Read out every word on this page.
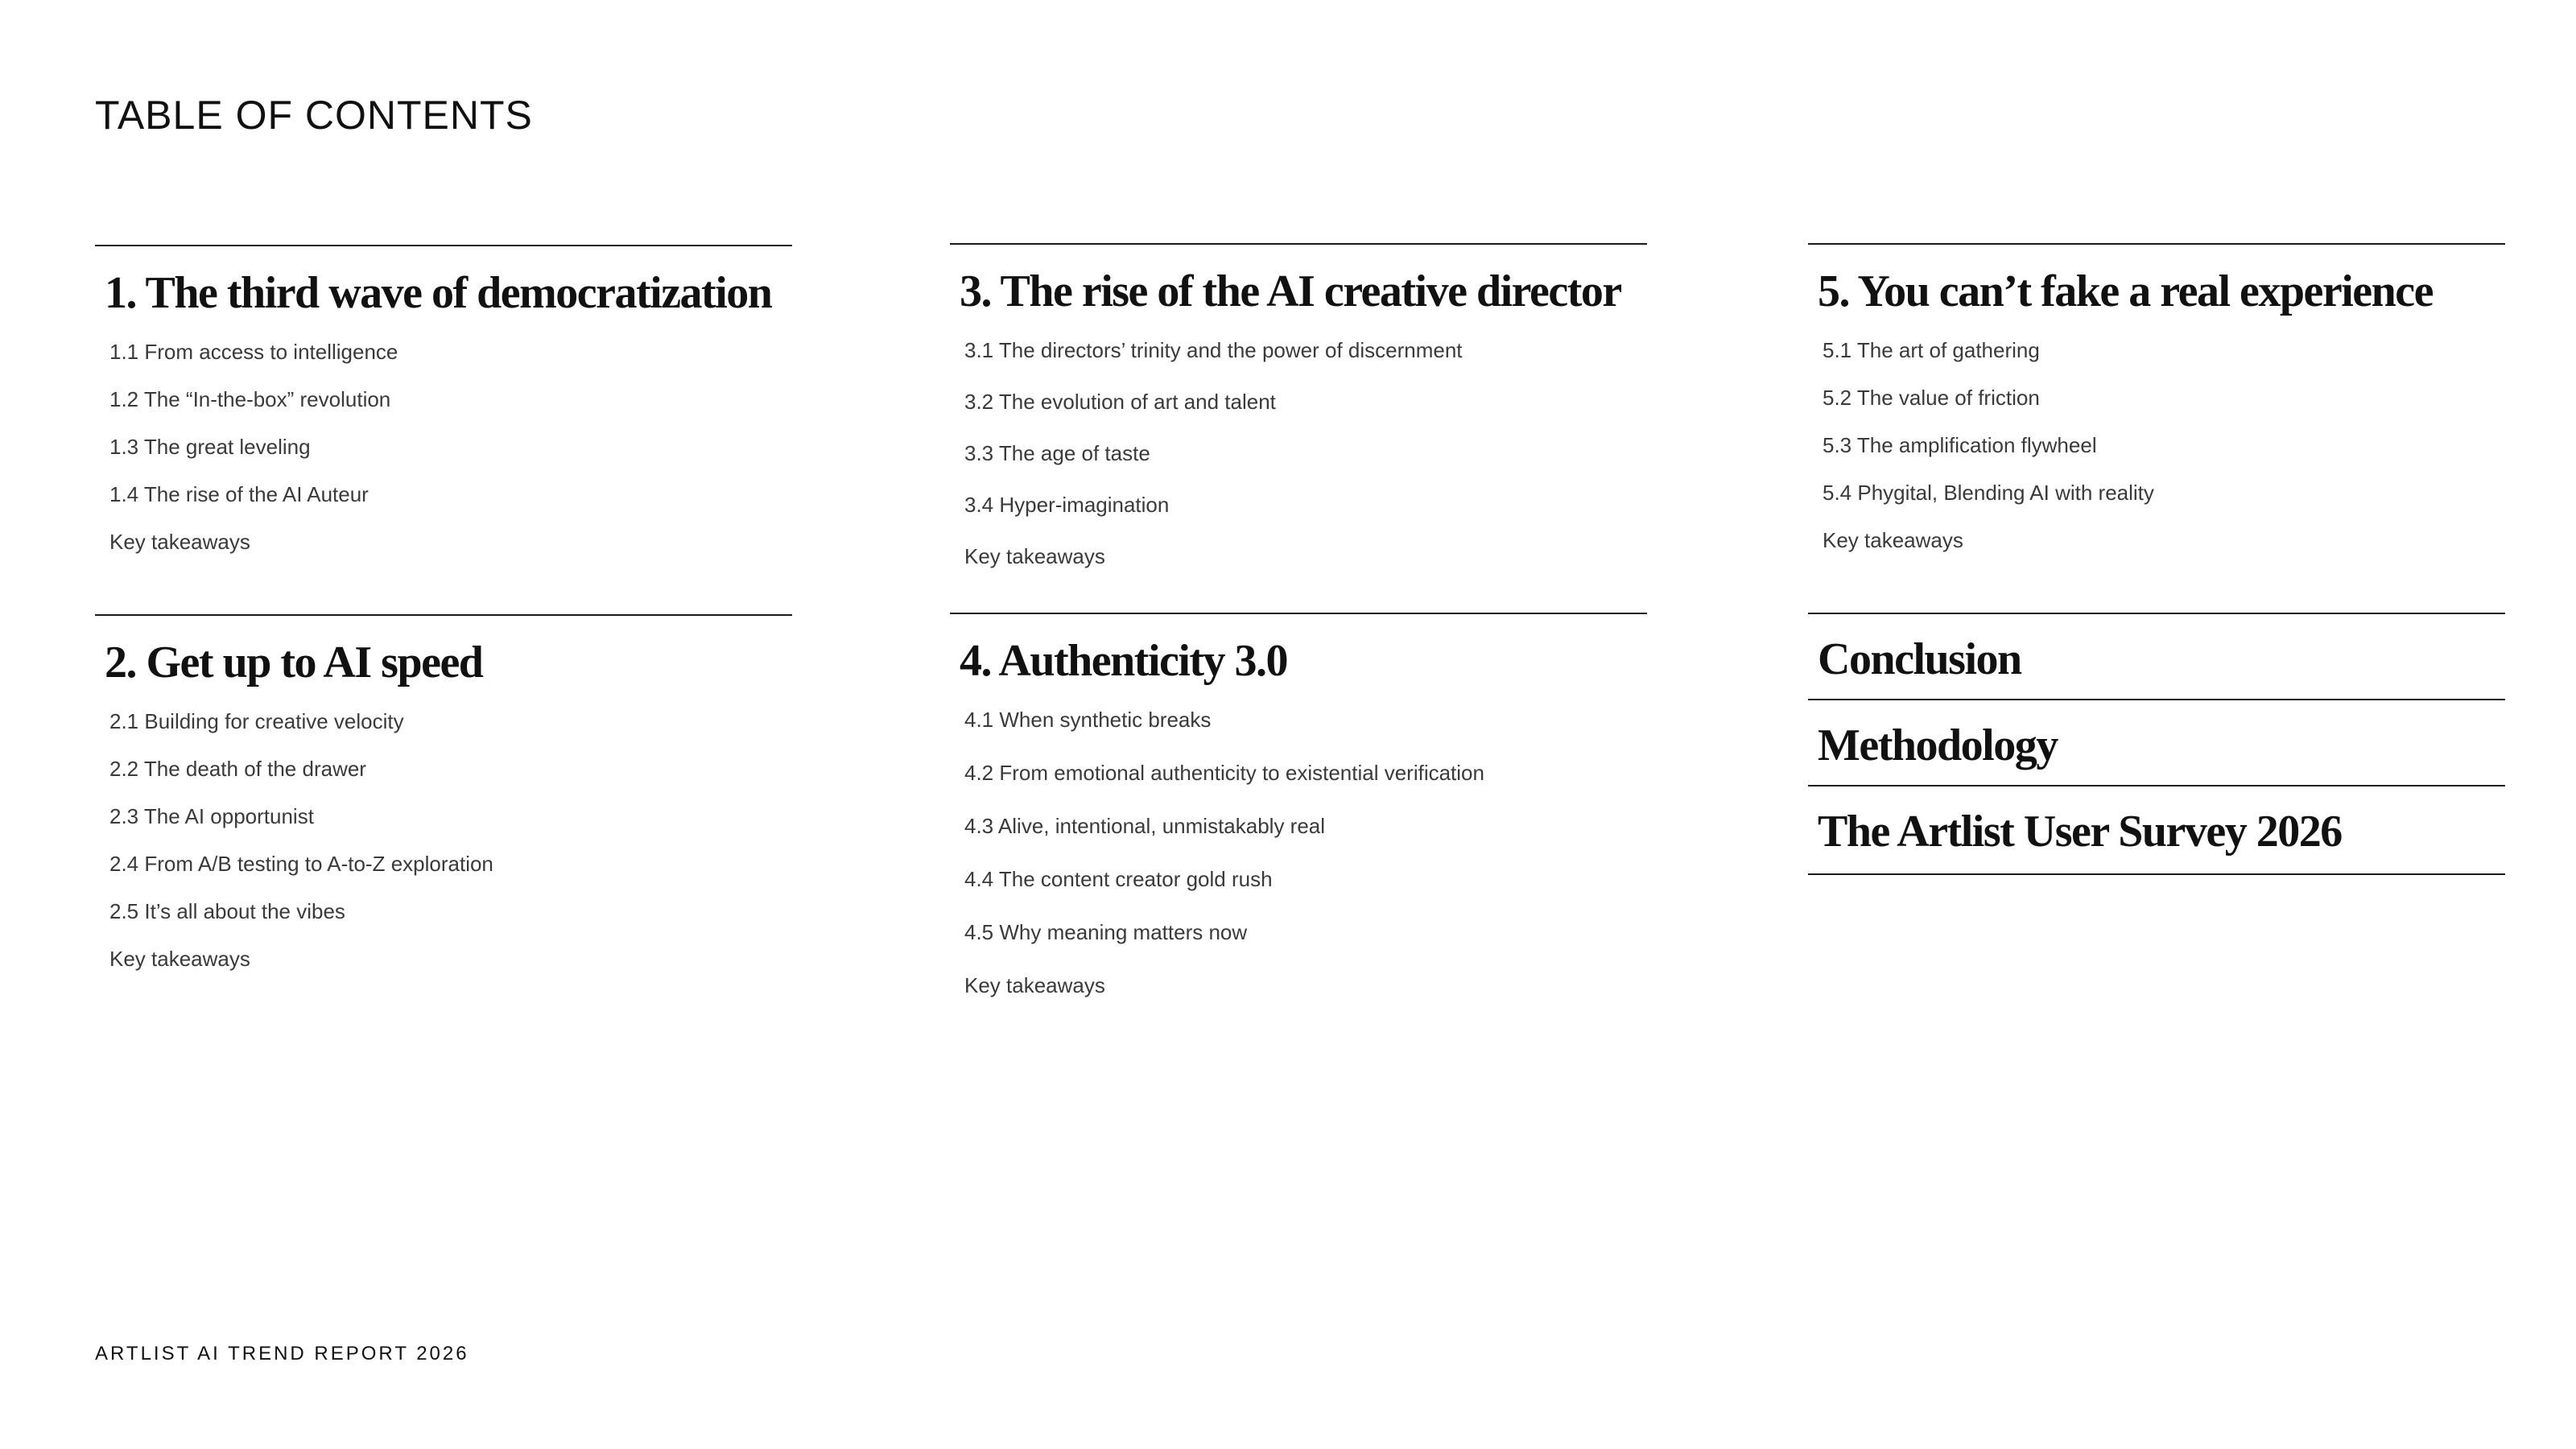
TABLE OF CONTENTS
1. The third wave of democratization
1.1 From access to intelligence
1.2 The “In-the-box” revolution
1.3 The great leveling
1.4 The rise of the AI Auteur
Key takeaways
2. Get up to AI speed
2.1 Building for creative velocity
2.2 The death of the drawer
2.3 The AI opportunist
2.4 From A/B testing to A-to-Z exploration
2.5 It’s all about the vibes
Key takeaways
3. The rise of the AI creative director
3.1 The directors’ trinity and the power of discernment
3.2 The evolution of art and talent
3.3 The age of taste
3.4 Hyper-imagination
Key takeaways
4. Authenticity 3.0
4.1 When synthetic breaks
4.2 From emotional authenticity to existential verification
4.3 Alive, intentional, unmistakably real
4.4 The content creator gold rush
4.5 Why meaning matters now
Key takeaways
5. You can’t fake a real experience
5.1 The art of gathering
5.2 The value of friction
5.3 The amplification flywheel
5.4 Phygital, Blending AI with reality
Key takeaways
Conclusion
Methodology
The Artlist User Survey 2026
ARTLIST AI TREND REPORT 2026
